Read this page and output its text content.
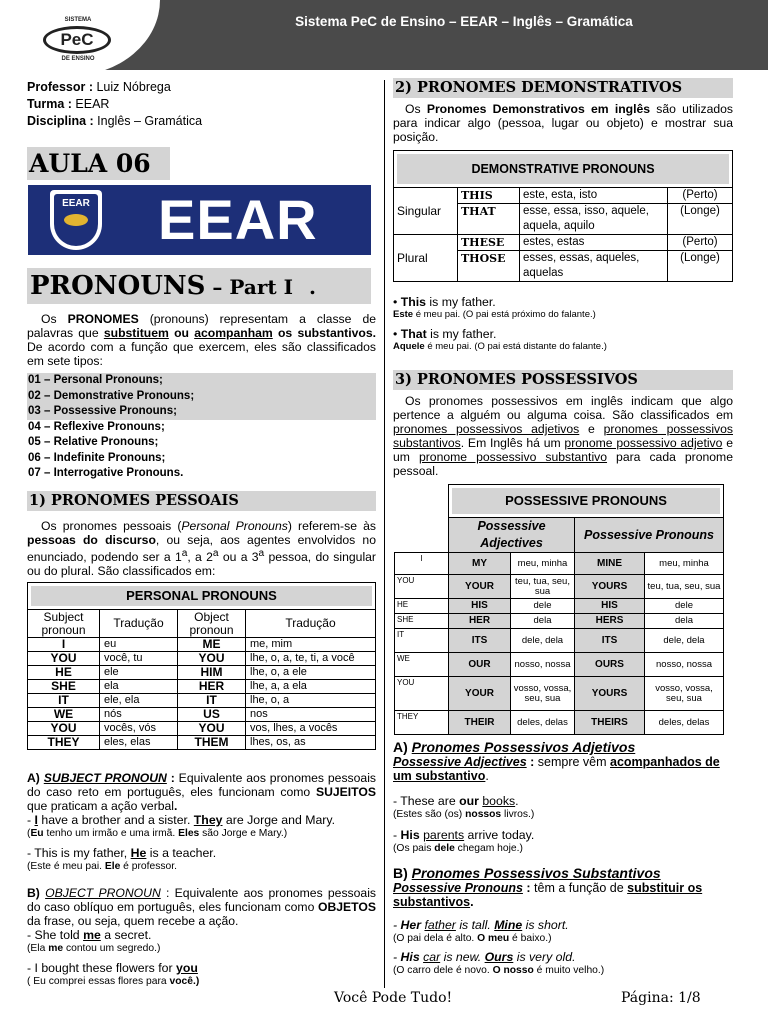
SISTEMA
PeC
DE ENSINO
Sistema PeC de Ensino – EEAR – Inglês – Gramática
Professor : Luiz Nóbrega
Turma : EEAR
Disciplina : Inglês – Gramática
AULA 06
EEAR EEAR
PRONOUNS – Part I .
Os PRONOMES (pronouns) representam a classe de palavras que substituem ou acompanham os substantivos. De acordo com a função que exercem, eles são classificados em sete tipos:
01 – Personal Pronouns;
02 – Demonstrative Pronouns;
03 – Possessive Pronouns;
04 – Reflexive Pronouns;
05 – Relative Pronouns;
06 – Indefinite Pronouns;
07 – Interrogative Pronouns.
1) PRONOMES PESSOAIS
Os pronomes pessoais (Personal Pronouns) referem-se às pessoas do discurso, ou seja, aos agentes envolvidos no enunciado, podendo ser a 1$^a$, a 2$^a$ ou a 3$^a$ pessoa, do singular ou do plural. São classificados em:
PERSONAL PRONOUNS			

Subject pronoun	Tradução	Object pronoun	Tradução
I	eu	ME	me, mim
YOU	você, tu	YOU	lhe, o, a, te, ti, a você
HE	ele	HIM	lhe, o, a ele
SHE	ela	HER	lhe, a, a ela
IT	ele, ela	IT	lhe, o, a
WE	nós	US	nos
YOU	vocês, vós	YOU	vos, lhes, a vocês
THEY	eles, elas	THEM	lhes, os, as
A) SUBJECT PRONOUN : Equivalente aos pronomes pessoais do caso reto em português, eles funcionam como SUJEITOS que praticam a ação verbal.
- I have a brother and a sister. They are Jorge and Mary.
(Eu tenho um irmão e uma irmã. Eles são Jorge e Mary.)
- This is my father, He is a teacher.
(Este é meu pai. Ele é professor.
B) OBJECT PRONOUN : Equivalente aos pronomes pessoais do caso oblíquo em português, eles funcionam como OBJETOS da frase, ou seja, quem recebe a ação.
- She told me a secret.
(Ela me contou um segredo.)
- I bought these flowers for you
( Eu comprei essas flores para você.)
2) PRONOMES DEMONSTRATIVOS
Os Pronomes Demonstrativos em inglês são utilizados para indicar algo (pessoa, lugar ou objeto) e mostrar sua posição.
DEMONSTRATIVE PRONOUNS			

Singular	THIS	este, esta, isto	(Perto)
	THAT	esse, essa, isso, aquele, aquela, aquilo	(Longe)
Plural	THESE	estes, estas	(Perto)
	THOSE	esses, essas, aqueles, aquelas	(Longe)
• This is my father.
Este é meu pai. (O pai está próximo do falante.)
• That is my father.
Aquele é meu pai. (O pai está distante do falante.)
3) PRONOMES POSSESSIVOS
Os pronomes possessivos em inglês indicam que algo pertence a alguém ou alguma coisa. São classificados em pronomes possessivos adjetivos e pronomes possessivos substantivos. Em Inglês há um pronome possessivo adjetivo e um pronome possessivo substantivo para cada pronome pessoal.

	POSSESSIVE PRONOUNS			

	Possessive Adjectives		Possessive Pronouns	
I	MY	meu, minha	MINE	meu, minha
YOU	YOUR	teu, tua, seu, sua	YOURS	teu, tua, seu, sua
HE	HIS	dele	HIS	dele
SHE	HER	dela	HERS	dela
IT	ITS	dele, dela	ITS	dele, dela
WE	OUR	nosso, nossa	OURS	nosso, nossa
YOU	YOUR	vosso, vossa, seu, sua	YOURS	vosso, vossa, seu, sua
THEY	THEIR	deles, delas	THEIRS	deles, delas
A) Pronomes Possessivos Adjetivos
Possessive Adjectives : sempre vêm acompanhados de um substantivo.
- These are our books.
(Estes são (os) nossos livros.)
- His parents arrive today.
(Os pais dele chegam hoje.)
B) Pronomes Possessivos Substantivos
Possessive Pronouns : têm a função de substituir os substantivos.
- Her father is tall. Mine is short.
(O pai dela é alto. O meu é baixo.)
- His car is new. Ours is very old.
(O carro dele é novo. O nosso é muito velho.)
Você Pode Tudo!	Página: 1/8
